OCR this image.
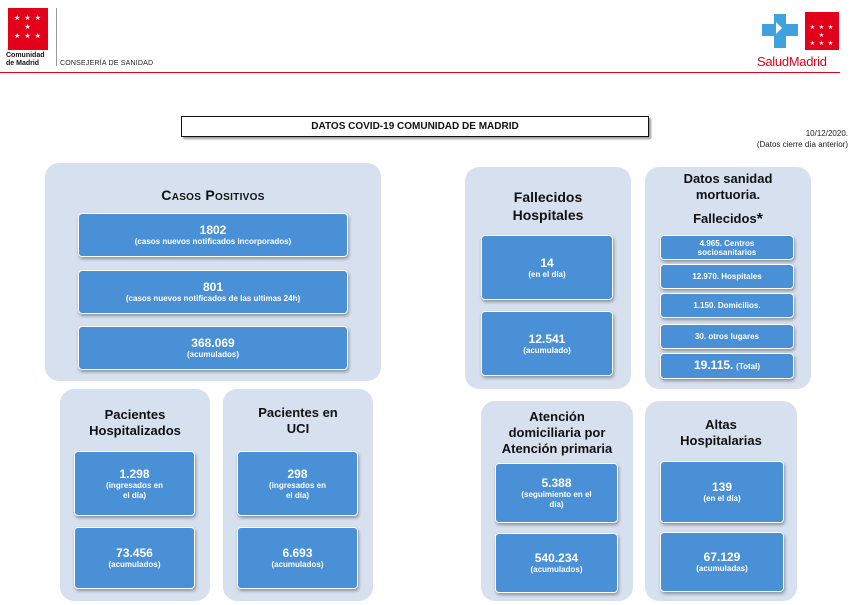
★ ★ ★ ★
★ ★ ★
Comunidad
de Madrid	CONSEJERÍA DE SANIDAD
★ ★ ★ ★
★ ★ ★
SaludMadrid
DATOS COVID-19 COMUNIDAD DE MADRID
10/12/2020.
(Datos cierre día anterior)
Casos Positivos
1802
(casos nuevos notificados incorporados)
801
(casos nuevos notificados de las ultimas 24h)
368.069
(acumulados)
Pacientes Hospitalizados
1.298
(ingresados en
el día)
73.456
(acumulados)
Pacientes en
UCI
298
(ingresados en
el día)
6.693
(acumulados)
Fallecidos
Hospitales
14
(en el día)
12.541
(acumulado)
Datos sanidad
mortuoria.
Fallecidos*
4.965. Centros
sociosanitarios
12.970. Hospitales
1.150. Domicilios.
30. otros lugares
19.115. (Total)
Atención
domiciliaria por
Atención primaria
5.388
(seguimiento en el
día)
540.234
(acumulados)
Altas
Hospitalarias
139
(en el día)
67.129
(acumuladas)
